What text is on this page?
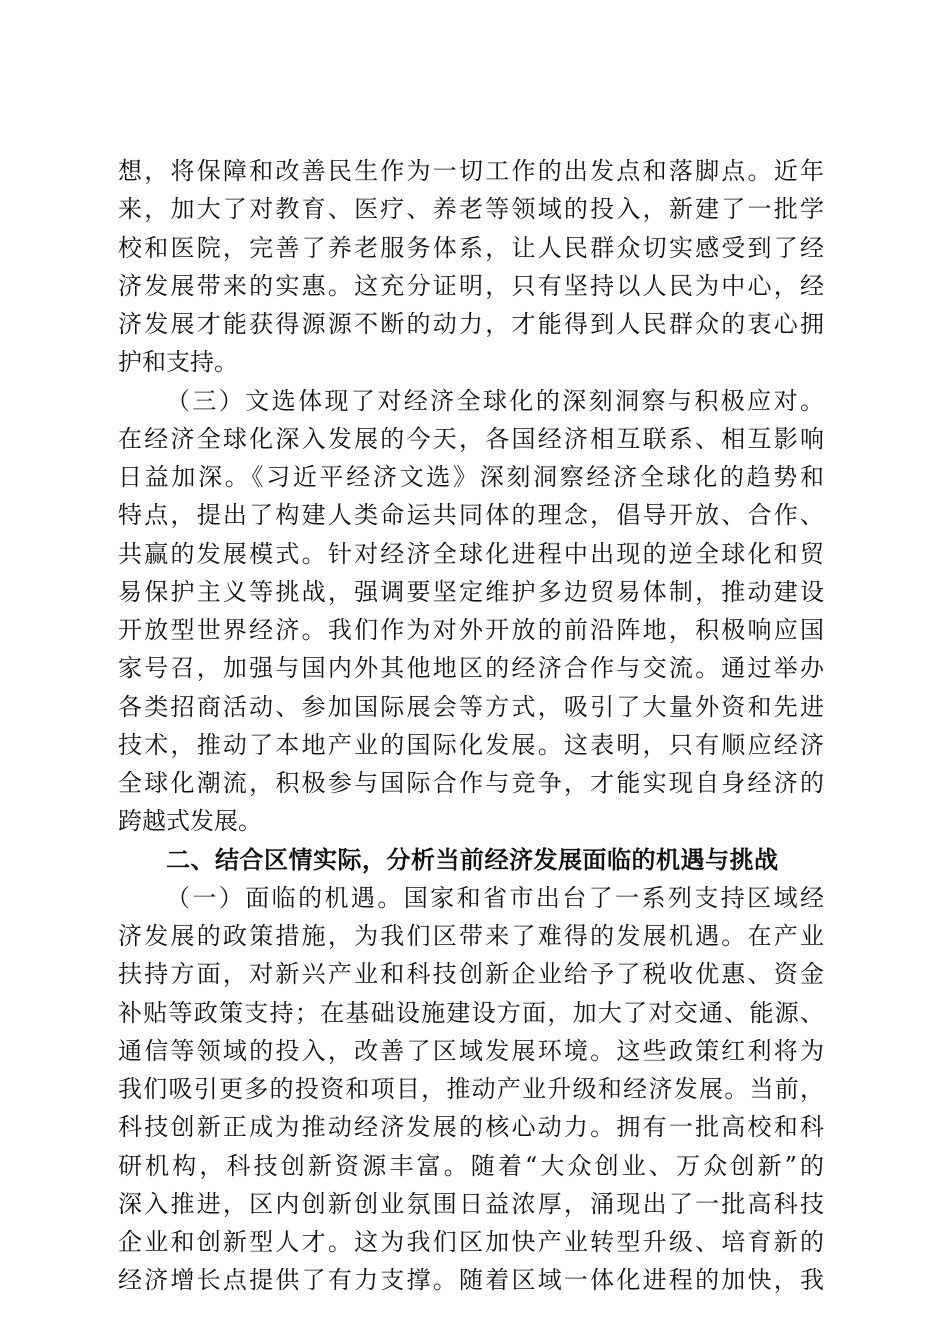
想，将保障和改善民生作为一切工作的出发点和落脚点。近年
来，加大了对教育、医疗、养老等领域的投入，新建了一批学
校和医院，完善了养老服务体系，让人民群众切实感受到了经
济发展带来的实惠。这充分证明，只有坚持以人民为中心，经
济发展才能获得源源不断的动力，才能得到人民群众的衷心拥
护和支持。
（三）文选体现了对经济全球化的深刻洞察与积极应对。
在经济全球化深入发展的今天，各国经济相互联系、相互影响
日益加深。《习近平经济文选》深刻洞察经济全球化的趋势和
特点，提出了构建人类命运共同体的理念，倡导开放、合作、
共赢的发展模式。针对经济全球化进程中出现的逆全球化和贸
易保护主义等挑战，强调要坚定维护多边贸易体制，推动建设
开放型世界经济。我们作为对外开放的前沿阵地，积极响应国
家号召，加强与国内外其他地区的经济合作与交流。通过举办
各类招商活动、参加国际展会等方式，吸引了大量外资和先进
技术，推动了本地产业的国际化发展。这表明，只有顺应经济
全球化潮流，积极参与国际合作与竞争，才能实现自身经济的
跨越式发展。
二、结合区情实际，分析当前经济发展面临的机遇与挑战
（一）面临的机遇。国家和省市出台了一系列支持区域经
济发展的政策措施，为我们区带来了难得的发展机遇。在产业
扶持方面，对新兴产业和科技创新企业给予了税收优惠、资金
补贴等政策支持；在基础设施建设方面，加大了对交通、能源、
通信等领域的投入，改善了区域发展环境。这些政策红利将为
我们吸引更多的投资和项目，推动产业升级和经济发展。当前，
科技创新正成为推动经济发展的核心动力。拥有一批高校和科
研机构，科技创新资源丰富。随着“大众创业、万众创新”的
深入推进，区内创新创业氛围日益浓厚，涌现出了一批高科技
企业和创新型人才。这为我们区加快产业转型升级、培育新的
经济增长点提供了有力支撑。随着区域一体化进程的加快，我
